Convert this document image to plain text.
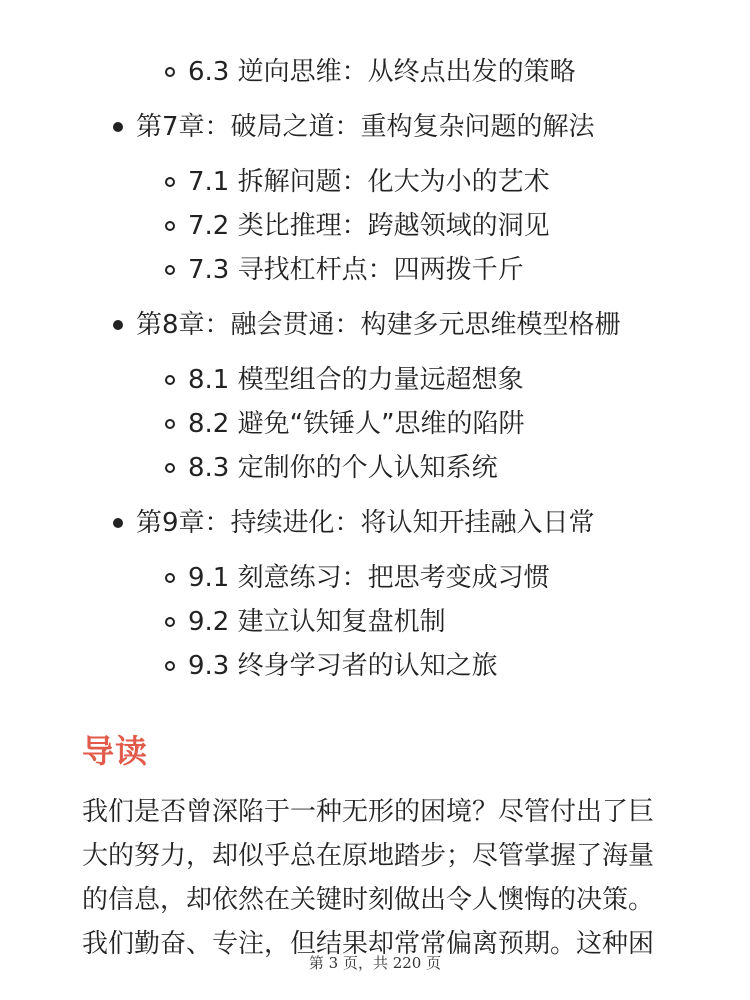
6.3 逆向思维：从终点出发的策略
第7章：破局之道：重构复杂问题的解法
7.1 拆解问题：化大为小的艺术
7.2 类比推理：跨越领域的洞见
7.3 寻找杠杆点：四两拨千斤
第8章：融会贯通：构建多元思维模型格栅
8.1 模型组合的力量远超想象
8.2 避免“铁锤人”思维的陷阱
8.3 定制你的个人认知系统
第9章：持续进化：将认知开挂融入日常
9.1 刻意练习：把思考变成习惯
9.2 建立认知复盘机制
9.3 终身学习者的认知之旅
导读
我们是否曾深陷于一种无形的困境？尽管付出了巨
大的努力，却似乎总在原地踏步；尽管掌握了海量
的信息，却依然在关键时刻做出令人懊悔的决策。
我们勤奋、专注，但结果却常常偏离预期。这种困
第 3 页，共 220 页
